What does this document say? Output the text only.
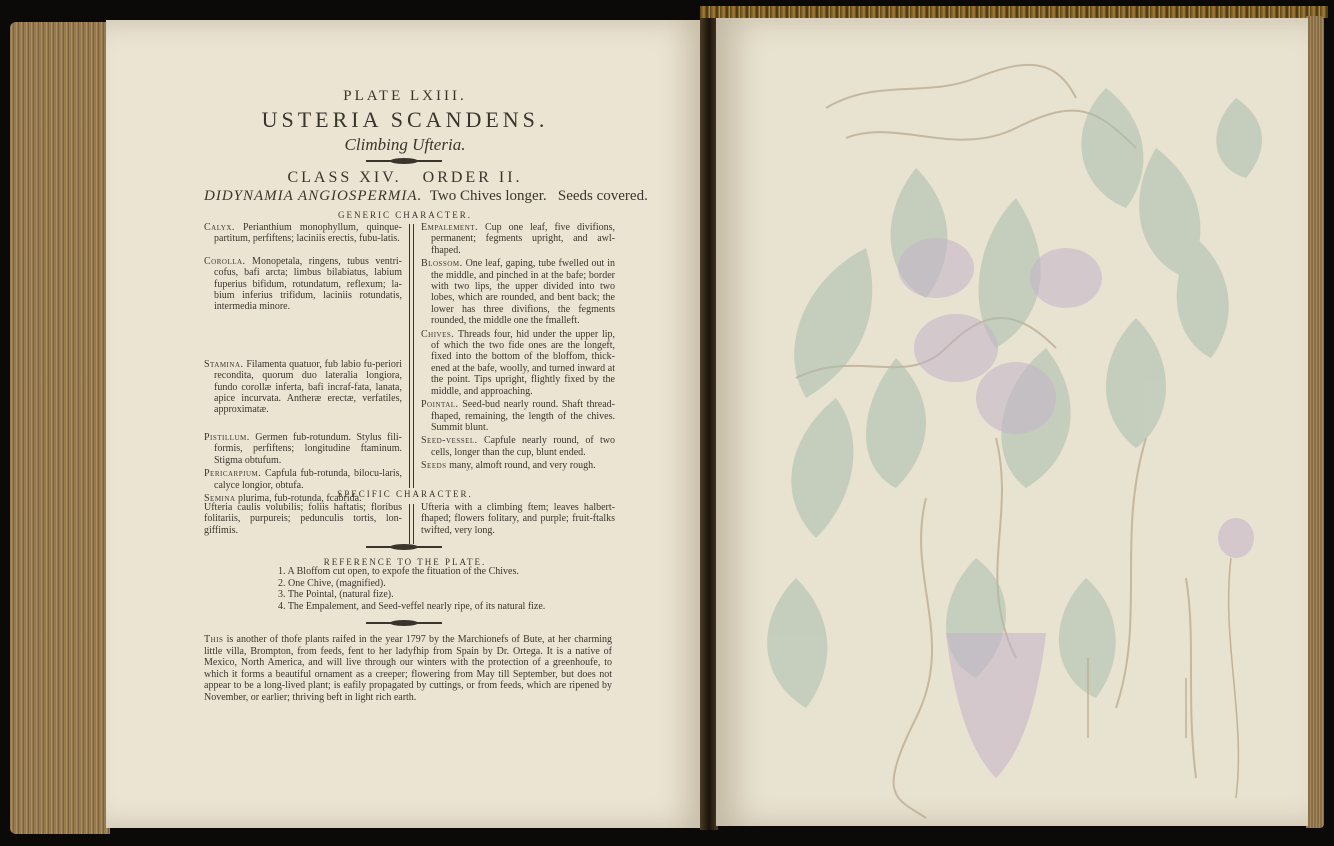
PLATE LXIII.
USTERIA SCANDENS.
Climbing Ufteria.
CLASS XIV.   ORDER II.
DIDYNAMIA ANGIOSPERMIA. Two Chives longer.   Seeds covered.
GENERIC CHARACTER.

Calyx. Perianthium monophyllum, quinque-partitum, perfiftens; laciniis erectis, fubu-latis.

Corolla. Monopetala, ringens, tubus ventri-cofus, bafi arcta; limbus bilabiatus, labium fuperius bifidum, rotundatum, reflexum; la-bium inferius trifidum, laciniis rotundatis, intermedia minore.

Stamina. Filamenta quatuor, fub labio fu-periori recondita, quorum duo lateralia longiora, fundo corollæ inferta, bafi incraf-fata, lanata, apice incurvata. Antheræ erectæ, verfatiles, approximatæ.

Pistillum. Germen fub-rotundum. Stylus fili-formis, perfiftens; longitudine ftaminum. Stigma obtufum.

Pericarpium. Capfula fub-rotunda, bilocu-laris, calyce longior, obtufa.

Semina plurima, fub-rotunda, fcabrida.

Empalement. Cup one leaf, five divifions, permanent; fegments upright, and awl-fhaped.

Blossom. One leaf, gaping, tube fwelled out in the middle, and pinched in at the bafe; border with two lips, the upper divided into two lobes, which are rounded, and bent back; the lower has three divifions, the fegments rounded, the middle one the fmalleft.

Chives. Threads four, hid under the upper lip, of which the two fide ones are the longeft, fixed into the bottom of the bloffom, thick-ened at the bafe, woolly, and turned inward at the point. Tips upright, flightly fixed by the middle, and approaching.

Pointal. Seed-bud nearly round. Shaft thread-fhaped, remaining, the length of the chives. Summit blunt.

Seed-vessel. Capfule nearly round, of two cells, longer than the cup, blunt ended.

Seeds many, almoft round, and very rough.

SPECIFIC CHARACTER.
Ufteria caulis volubilis; foliis haftatis; floribus folitariis, purpureis; pedunculis tortis, lon-giffimis.
Ufteria with a climbing ftem; leaves halbert-fhaped; flowers folitary, and purple; fruit-ftalks twifted, very long.
REFERENCE TO THE PLATE.
1. A Bloffom cut open, to expofe the fituation of the Chives.
2. One Chive, (magnified).
3. The Pointal, (natural fize).
4. The Empalement, and Seed-veffel nearly ripe, of its natural fize.
This is another of thofe plants raifed in the year 1797 by the Marchionefs of Bute, at her charming little villa, Brompton, from feeds, fent to her ladyfhip from Spain by Dr. Ortega. It is a native of Mexico, North America, and will live through our winters with the protection of a greenhoufe, to which it forms a beautiful ornament as a creeper; flowering from May till September, but does not appear to be a long-lived plant; is eafily propagated by cuttings, or from feeds, which are ripened by November, or earlier; thriving beft in light rich earth.
